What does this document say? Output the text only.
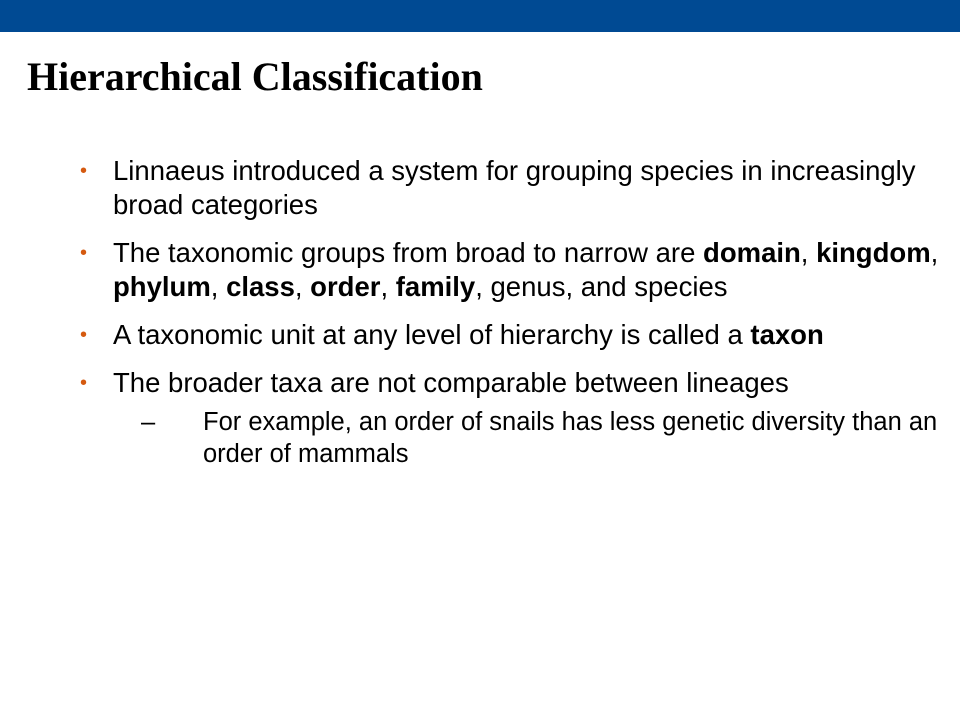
Hierarchical Classification
• Linnaeus introduced a system for grouping species in increasingly broad categories
• The taxonomic groups from broad to narrow are domain, kingdom, phylum, class, order, family, genus, and species
• A taxonomic unit at any level of hierarchy is called a taxon
• The broader taxa are not comparable between lineages
–	For example, an order of snails has less genetic diversity than an order of mammals
